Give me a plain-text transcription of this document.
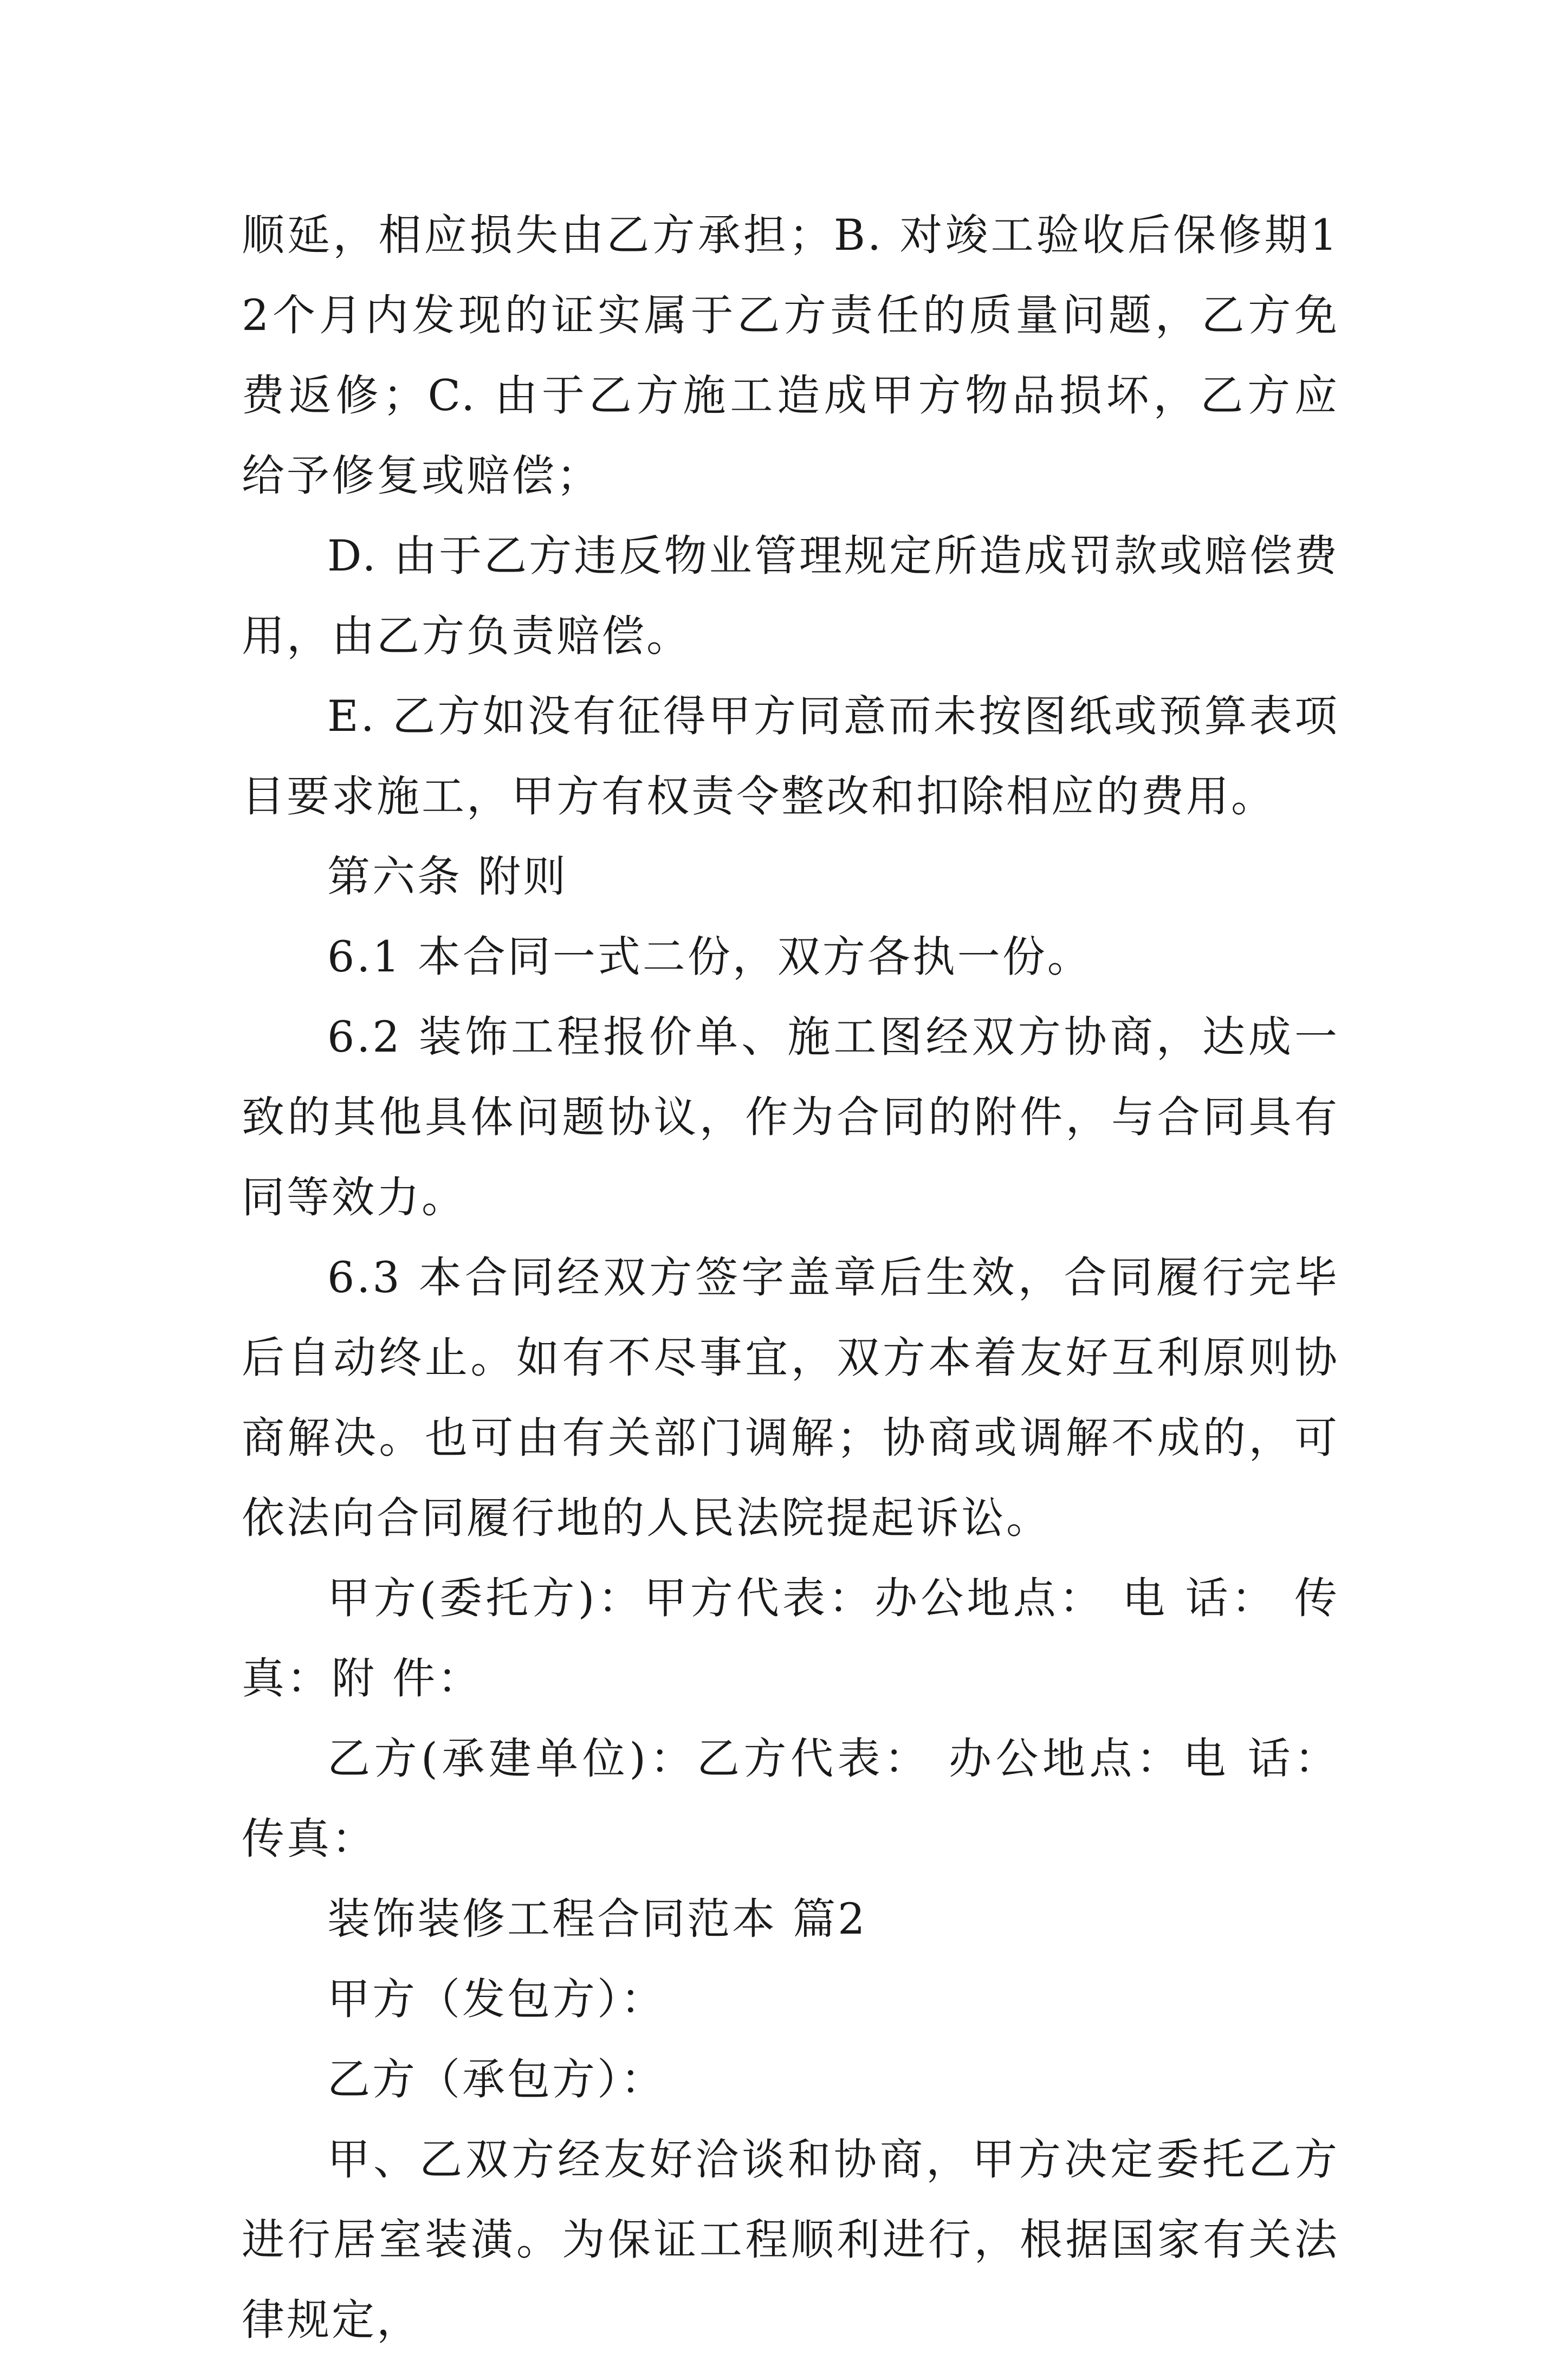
顺延，相应损失由乙方承担；B. 对竣工验收后保修期12个月内发现的证实属于乙方责任的质量问题，乙方免费返修；C. 由于乙方施工造成甲方物品损坏，乙方应给予修复或赔偿；

D. 由于乙方违反物业管理规定所造成罚款或赔偿费用，由乙方负责赔偿。

E. 乙方如没有征得甲方同意而未按图纸或预算表项目要求施工，甲方有权责令整改和扣除相应的费用。

第六条 附则

6.1 本合同一式二份，双方各执一份。

6.2 装饰工程报价单、施工图经双方协商，达成一致的其他具体问题协议，作为合同的附件，与合同具有同等效力。

6.3 本合同经双方签字盖章后生效，合同履行完毕后自动终止。如有不尽事宜，双方本着友好互利原则协商解决。也可由有关部门调解；协商或调解不成的，可依法向合同履行地的人民法院提起诉讼。

甲方(委托方)：甲方代表：办公地点： 电 话： 传 真：附 件：

乙方(承建单位)：乙方代表： 办公地点：电 话： 传真：

装饰装修工程合同范本 篇2

甲方（发包方）：

乙方（承包方）：

甲、乙双方经友好洽谈和协商，甲方决定委托乙方进行居室装潢。为保证工程顺利进行，根据国家有关法律规定，
